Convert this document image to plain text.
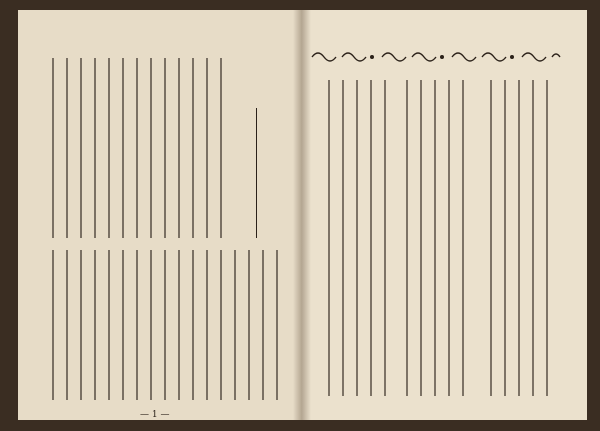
— 1 —
